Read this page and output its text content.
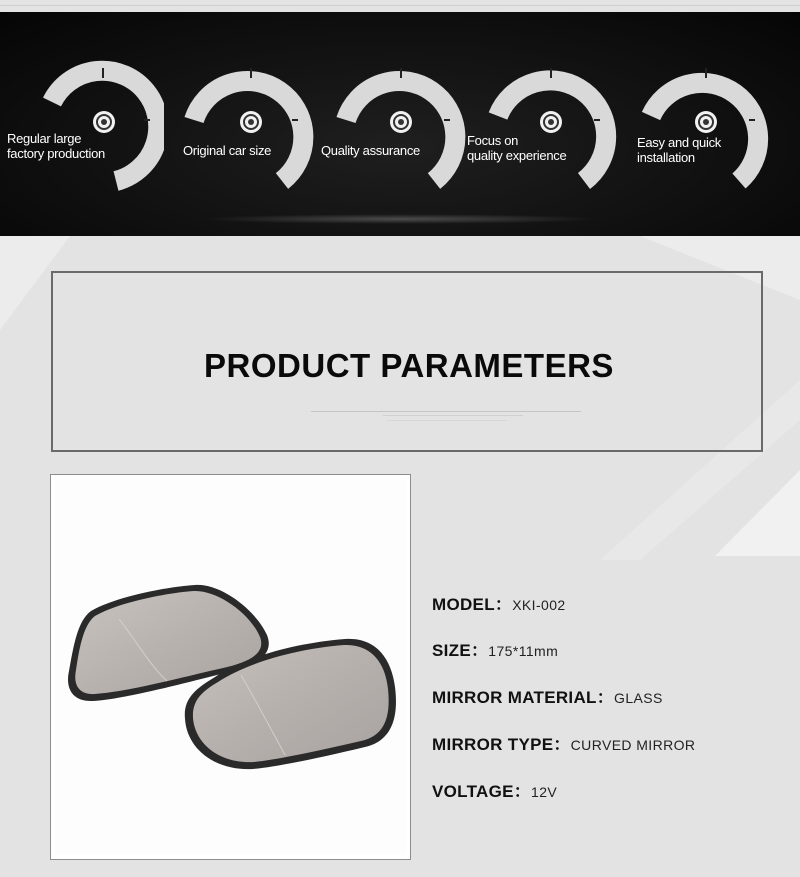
Regular large
factory production	Original car size	Quality assurance
Focus on
quality experience
Easy and quick
installation
PRODUCT PARAMETERS
MODEL： XKI-002
SIZE： 175*11mm
MIRROR MATERIAL： GLASS
MIRROR TYPE： CURVED MIRROR
VOLTAGE： 12V
